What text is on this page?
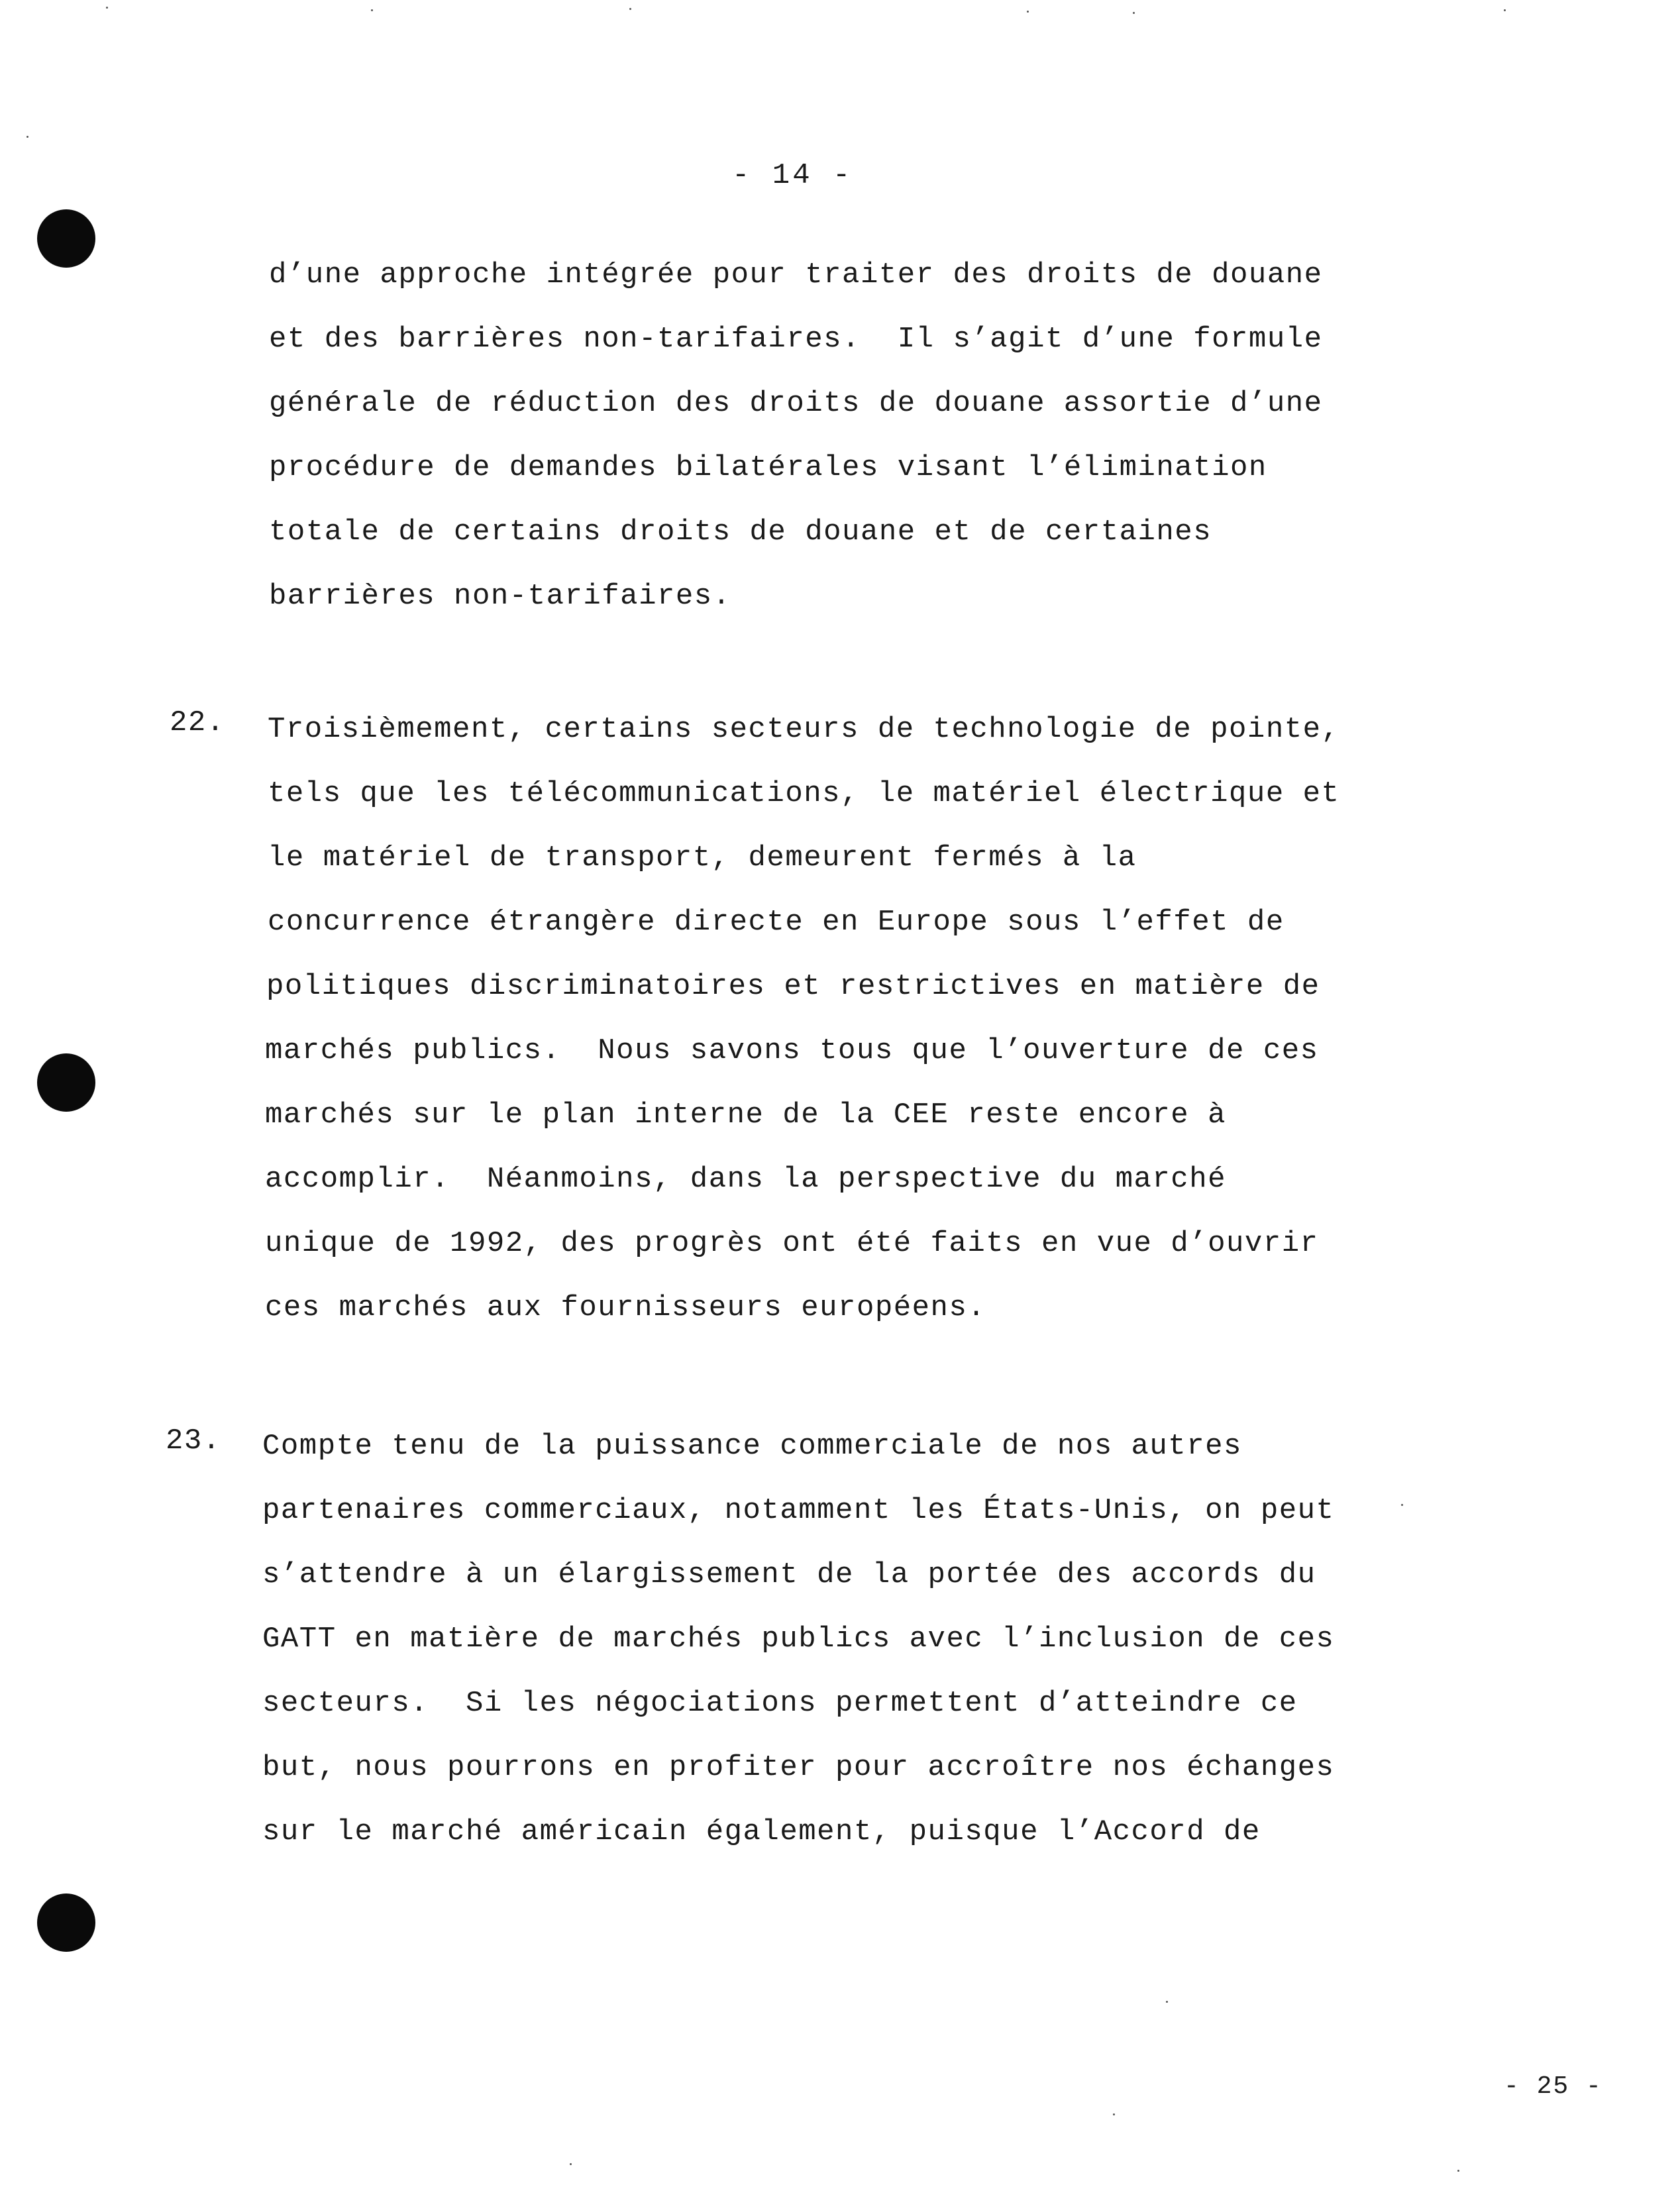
- 14 -
d’une approche intégrée pour traiter des droits de douane
et des barrières non-tarifaires.  Il s’agit d’une formule
générale de réduction des droits de douane assortie d’une
procédure de demandes bilatérales visant l’élimination
totale de certains droits de douane et de certaines
barrières non-tarifaires.
22. Troisièmement, certains secteurs de technologie de pointe,
tels que les télécommunications, le matériel électrique et
le matériel de transport, demeurent fermés à la
concurrence étrangère directe en Europe sous l’effet de
politiques discriminatoires et restrictives en matière de
marchés publics.  Nous savons tous que l’ouverture de ces
marchés sur le plan interne de la CEE reste encore à
accomplir.  Néanmoins, dans la perspective du marché
unique de 1992, des progrès ont été faits en vue d’ouvrir
ces marchés aux fournisseurs européens.
23. Compte tenu de la puissance commerciale de nos autres
partenaires commerciaux, notamment les États-Unis, on peut
s’attendre à un élargissement de la portée des accords du
GATT en matière de marchés publics avec l’inclusion de ces
secteurs.  Si les négociations permettent d’atteindre ce
but, nous pourrons en profiter pour accroître nos échanges
sur le marché américain également, puisque l’Accord de
- 25 -
